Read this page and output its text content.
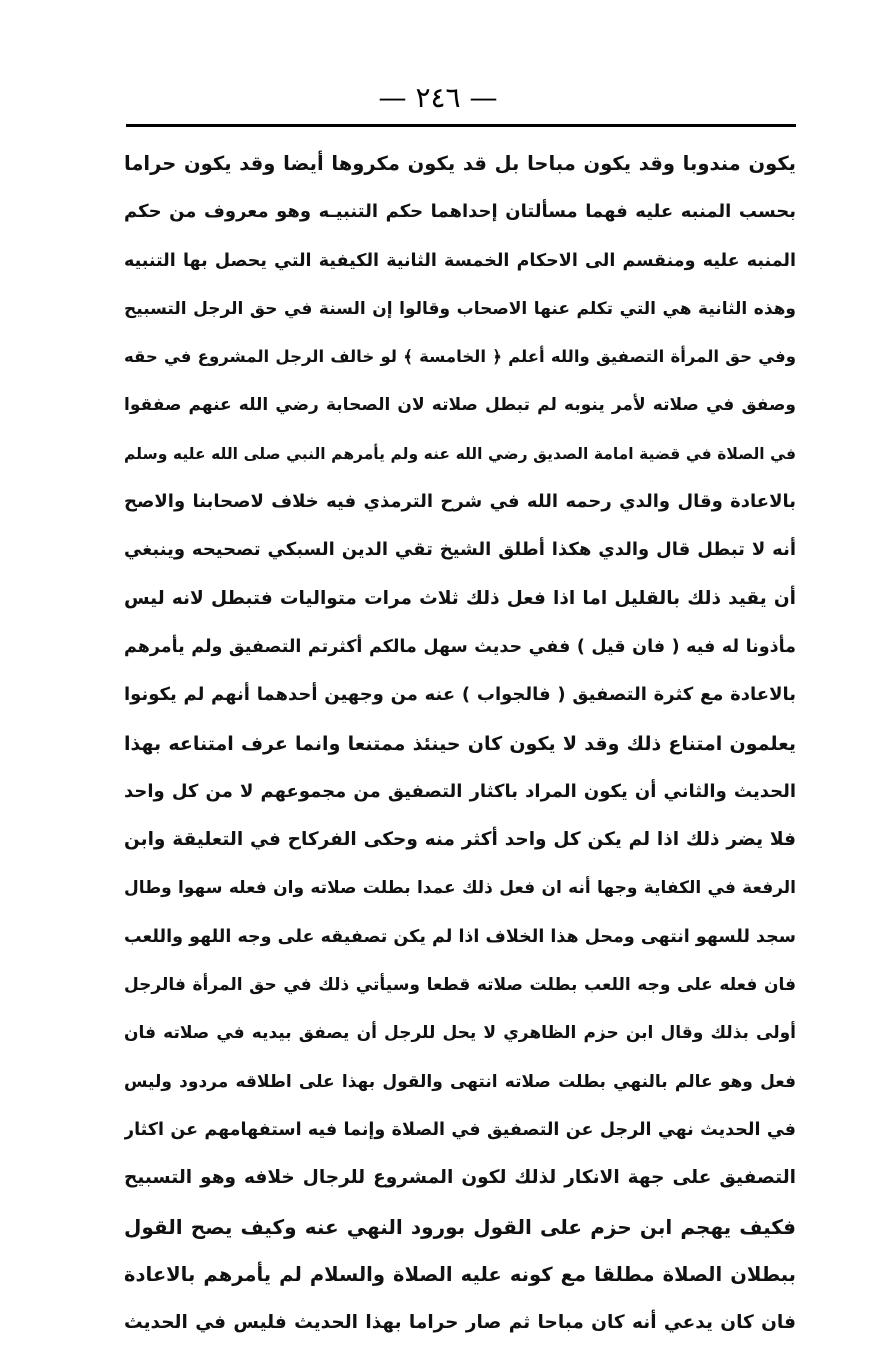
— ٢٤٦ —
يكون مندوبا وقد يكون مباحا بل قد يكون مكروها أيضا وقد يكون حراما
بحسب المنبه عليه فهما مسألتان إحداهما حكم التنبيـه وهو معروف من حكم
المنبه عليه ومنقسم الى الاحكام الخمسة الثانية الكيفية التي يحصل بها التنبيه
وهذه الثانية هي التي تكلم عنها الاصحاب وقالوا إن السنة في حق الرجل التسبيح
وفي حق المرأة التصفيق والله أعلم ﴿ الخامسة ﴾ لو خالف الرجل المشروع في حقه
وصفق في صلاته لأمر ينوبه لم تبطل صلاته لان الصحابة رضي الله عنهم صفقوا
في الصلاة في قضية امامة الصديق رضي الله عنه ولم يأمرهم النبي صلى الله عليه وسلم
بالاعادة وقال والدي رحمه الله في شرح الترمذي فيه خلاف لاصحابنا والاصح
أنه لا تبطل قال والدي هكذا أطلق الشيخ تقي الدين السبكي تصحيحه وينبغي
أن يقيد ذلك بالقليل اما اذا فعل ذلك ثلاث مرات متواليات فتبطل لانه ليس
مأذونا له فيه ( فان قيل ) ففي حديث سهل مالكم أكثرتم التصفيق ولم يأمرهم
بالاعادة مع كثرة التصفيق ( فالجواب ) عنه من وجهين أحدهما أنهم لم يكونوا
يعلمون امتناع ذلك وقد لا يكون كان حينئذ ممتنعا وانما عرف امتناعه بهذا
الحديث والثاني أن يكون المراد باكثار التصفيق من مجموعهم لا من كل واحد
فلا يضر ذلك اذا لم يكن كل واحد أكثر منه وحكى الفركاح في التعليقة وابن
الرفعة في الكفاية وجها أنه ان فعل ذلك عمدا بطلت صلاته وان فعله سهوا وطال
سجد للسهو انتهى ومحل هذا الخلاف اذا لم يكن تصفيقه على وجه اللهو واللعب
فان فعله على وجه اللعب بطلت صلاته قطعا وسيأتي ذلك في حق المرأة فالرجل
أولى بذلك وقال ابن حزم الظاهري لا يحل للرجل أن يصفق بيديه في صلاته فان
فعل وهو عالم بالنهي بطلت صلاته انتهى والقول بهذا على اطلاقه مردود وليس
في الحديث نهي الرجل عن التصفيق في الصلاة وإنما فيه استفهامهم عن اكثار
التصفيق على جهة الانكار لذلك لكون المشروع للرجال خلافه وهو التسبيح
فكيف يهجم ابن حزم على القول بورود النهي عنه وكيف يصح القول
ببطلان الصلاة مطلقا مع كونه عليه الصلاة والسلام لم يأمرهم بالاعادة
فان كان يدعي أنه كان مباحا ثم صار حراما بهذا الحديث فليس في الحديث
